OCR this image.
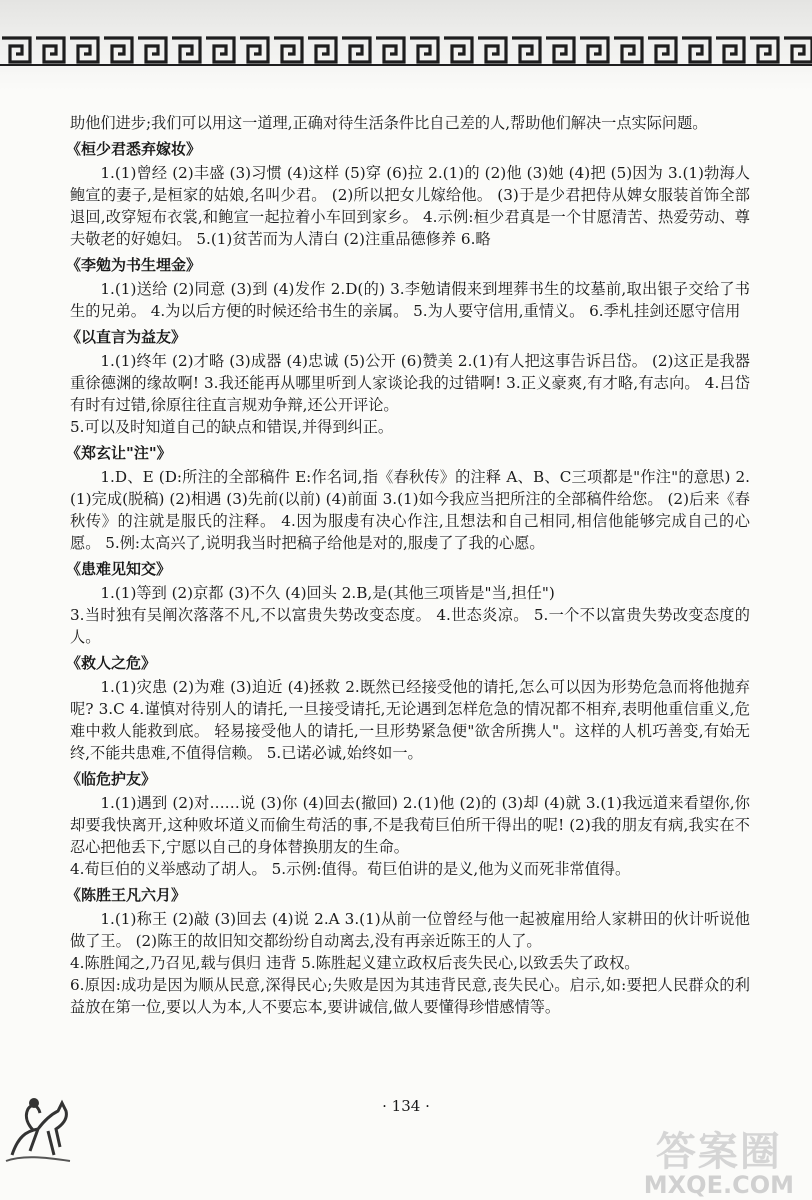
助他们进步;我们可以用这一道理,正确对待生活条件比自己差的人,帮助他们解决一点实际问题。

《桓少君悉弃嫁妆》

1.(1)曾经 (2)丰盛 (3)习惯 (4)这样 (5)穿 (6)拉 2.(1)的 (2)他 (3)她 (4)把 (5)因为 3.(1)勃海人鲍宣的妻子,是桓家的姑娘,名叫少君。 (2)所以把女儿嫁给他。 (3)于是少君把侍从婢女服装首饰全部退回,改穿短布衣裳,和鲍宣一起拉着小车回到家乡。 4.示例:桓少君真是一个甘愿清苦、热爱劳动、尊夫敬老的好媳妇。 5.(1)贫苦而为人清白 (2)注重品德修养 6.略

《李勉为书生埋金》

1.(1)送给 (2)同意 (3)到 (4)发作 2.D(的) 3.李勉请假来到埋葬书生的坟墓前,取出银子交给了书生的兄弟。 4.为以后方便的时候还给书生的亲属。 5.为人要守信用,重情义。 6.季札挂剑还愿守信用

《以直言为益友》

1.(1)终年 (2)才略 (3)成器 (4)忠诚 (5)公开 (6)赞美 2.(1)有人把这事告诉吕岱。 (2)这正是我器重徐德渊的缘故啊! 3.我还能再从哪里听到人家谈论我的过错啊! 3.正义豪爽,有才略,有志向。 4.吕岱有时有过错,徐原往往直言规劝争辩,还公开评论。

5.可以及时知道自己的缺点和错误,并得到纠正。

《郑玄让"注"》

1.D、E (D:所注的全部稿件 E:作名词,指《春秋传》的注释 A、B、C三项都是"作注"的意思) 2.(1)完成(脱稿) (2)相遇 (3)先前(以前) (4)前面 3.(1)如今我应当把所注的全部稿件给您。 (2)后来《春秋传》的注就是服氏的注释。 4.因为服虔有决心作注,且想法和自己相同,相信他能够完成自己的心愿。 5.例:太高兴了,说明我当时把稿子给他是对的,服虔了了我的心愿。

《患难见知交》

1.(1)等到 (2)京都 (3)不久 (4)回头 2.B,是(其他三项皆是"当,担任")

3.当时独有吴阐次落落不凡,不以富贵失势改变态度。 4.世态炎凉。 5.一个不以富贵失势改变态度的人。

《救人之危》

1.(1)灾患 (2)为难 (3)迫近 (4)拯救 2.既然已经接受他的请托,怎么可以因为形势危急而将他抛弃呢? 3.C 4.谨慎对待别人的请托,一旦接受请托,无论遇到怎样危急的情况都不相弃,表明他重信重义,危难中救人能救到底。 轻易接受他人的请托,一旦形势紧急便"欲舍所携人"。这样的人机巧善变,有始无终,不能共患难,不值得信赖。 5.已诺必诚,始终如一。

《临危护友》

1.(1)遇到 (2)对……说 (3)你 (4)回去(撤回) 2.(1)他 (2)的 (3)却 (4)就 3.(1)我远道来看望你,你却要我快离开,这种败坏道义而偷生苟活的事,不是我荀巨伯所干得出的呢! (2)我的朋友有病,我实在不忍心把他丢下,宁愿以自己的身体替换朋友的生命。

4.荀巨伯的义举感动了胡人。 5.示例:值得。荀巨伯讲的是义,他为义而死非常值得。

《陈胜王凡六月》

1.(1)称王 (2)敲 (3)回去 (4)说 2.A 3.(1)从前一位曾经与他一起被雇用给人家耕田的伙计听说他做了王。 (2)陈王的故旧知交都纷纷自动离去,没有再亲近陈王的人了。

4.陈胜闻之,乃召见,载与俱归 违背 5.陈胜起义建立政权后丧失民心,以致丢失了政权。

6.原因:成功是因为顺从民意,深得民心;失败是因为其违背民意,丧失民心。启示,如:要把人民群众的利益放在第一位,要以人为本,人不要忘本,要讲诚信,做人要懂得珍惜感情等。

· 134 ·
答案圈
MXQE.COM
